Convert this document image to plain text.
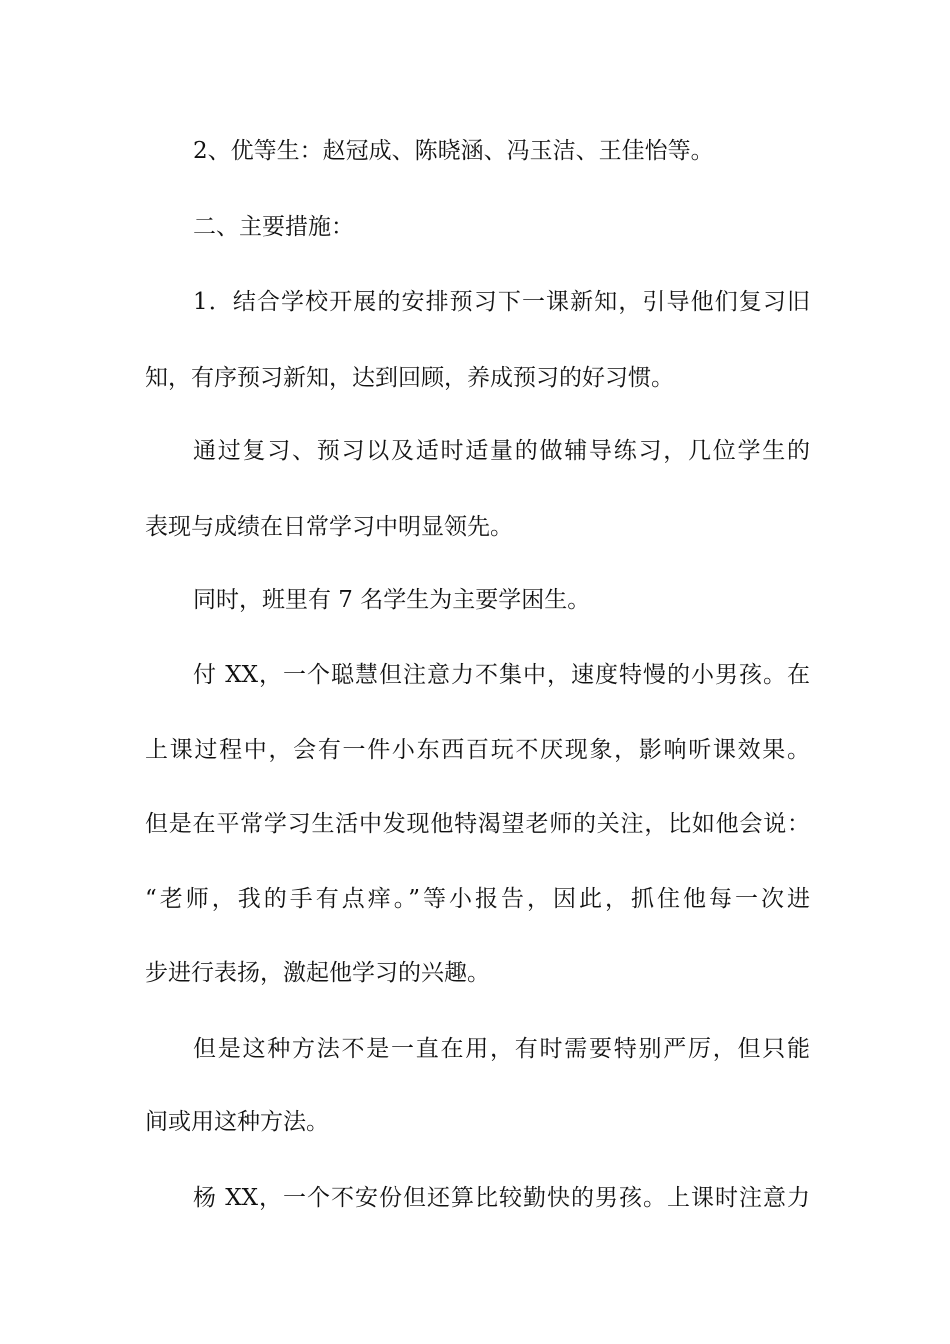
2、优等生：赵冠成、陈晓涵、冯玉洁、王佳怡等。
二、主要措施：
1．结合学校开展的安排预习下一课新知，引导他们复习旧
知，有序预习新知，达到回顾，养成预习的好习惯。
通过复习、预习以及适时适量的做辅导练习，几位学生的
表现与成绩在日常学习中明显领先。
同时，班里有 7 名学生为主要学困生。
付 XX，一个聪慧但注意力不集中，速度特慢的小男孩。在
上课过程中，会有一件小东西百玩不厌现象，影响听课效果。
但是在平常学习生活中发现他特渴望老师的关注，比如他会说：
“老师，我的手有点痒。”等小报告，因此，抓住他每一次进
步进行表扬，激起他学习的兴趣。
但是这种方法不是一直在用，有时需要特别严厉，但只能
间或用这种方法。
杨 XX，一个不安份但还算比较勤快的男孩。上课时注意力
